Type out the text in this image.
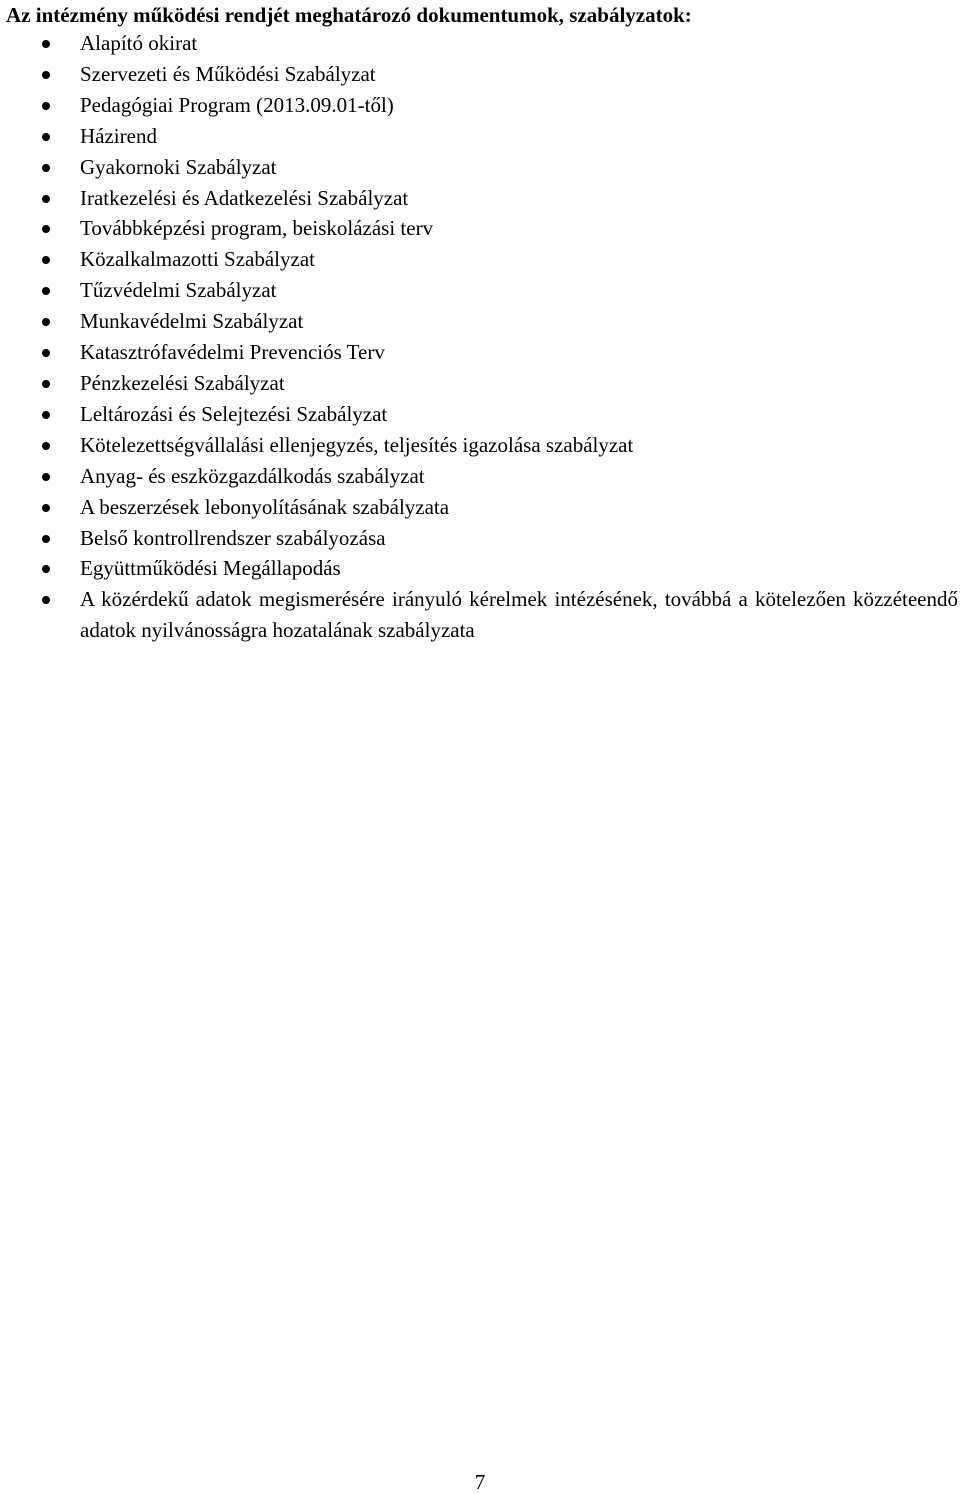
Az intézmény működési rendjét meghatározó dokumentumok, szabályzatok:
Alapító okirat
Szervezeti és Működési Szabályzat
Pedagógiai Program (2013.09.01-től)
Házirend
Gyakornoki Szabályzat
Iratkezelési és Adatkezelési Szabályzat
Továbbképzési program, beiskolázási terv
Közalkalmazotti Szabályzat
Tűzvédelmi Szabályzat
Munkavédelmi Szabályzat
Katasztrófavédelmi Prevenciós Terv
Pénzkezelési Szabályzat
Leltározási és Selejtezési Szabályzat
Kötelezettségvállalási ellenjegyzés, teljesítés igazolása szabályzat
Anyag- és eszközgazdálkodás szabályzat
A beszerzések lebonyolításának szabályzata
Belső kontrollrendszer szabályozása
Együttműködési Megállapodás
A közérdekű adatok megismerésére irányuló kérelmek intézésének, továbbá a kötelezően közzéteendő adatok nyilvánosságra hozatalának szabályzata
7
